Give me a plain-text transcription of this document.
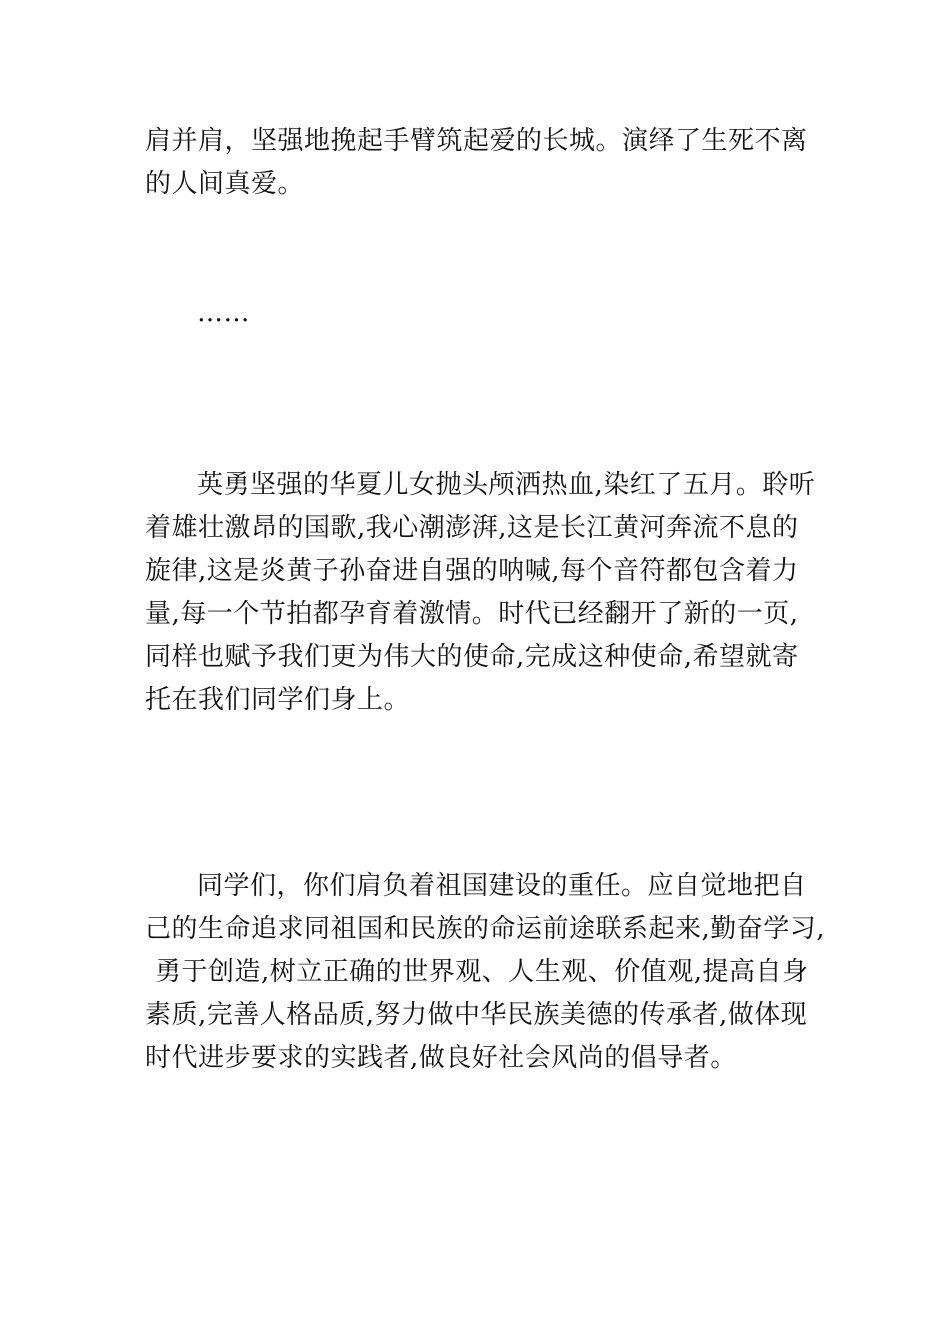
肩并肩，坚强地挽起手臂筑起爱的长城。演绎了生死不离
的人间真爱。
……
英勇坚强的华夏儿女抛头颅洒热血,染红了五月。聆听
着雄壮激昂的国歌,我心潮澎湃,这是长江黄河奔流不息的
旋律,这是炎黄子孙奋进自强的呐喊,每个音符都包含着力
量,每一个节拍都孕育着激情。时代已经翻开了新的一页,
同样也赋予我们更为伟大的使命,完成这种使命,希望就寄
托在我们同学们身上。
同学们，你们肩负着祖国建设的重任。应自觉地把自
己的生命追求同祖国和民族的命运前途联系起来,勤奋学习,
勇于创造,树立正确的世界观、人生观、价值观,提高自身
素质,完善人格品质,努力做中华民族美德的传承者,做体现
时代进步要求的实践者,做良好社会风尚的倡导者。
